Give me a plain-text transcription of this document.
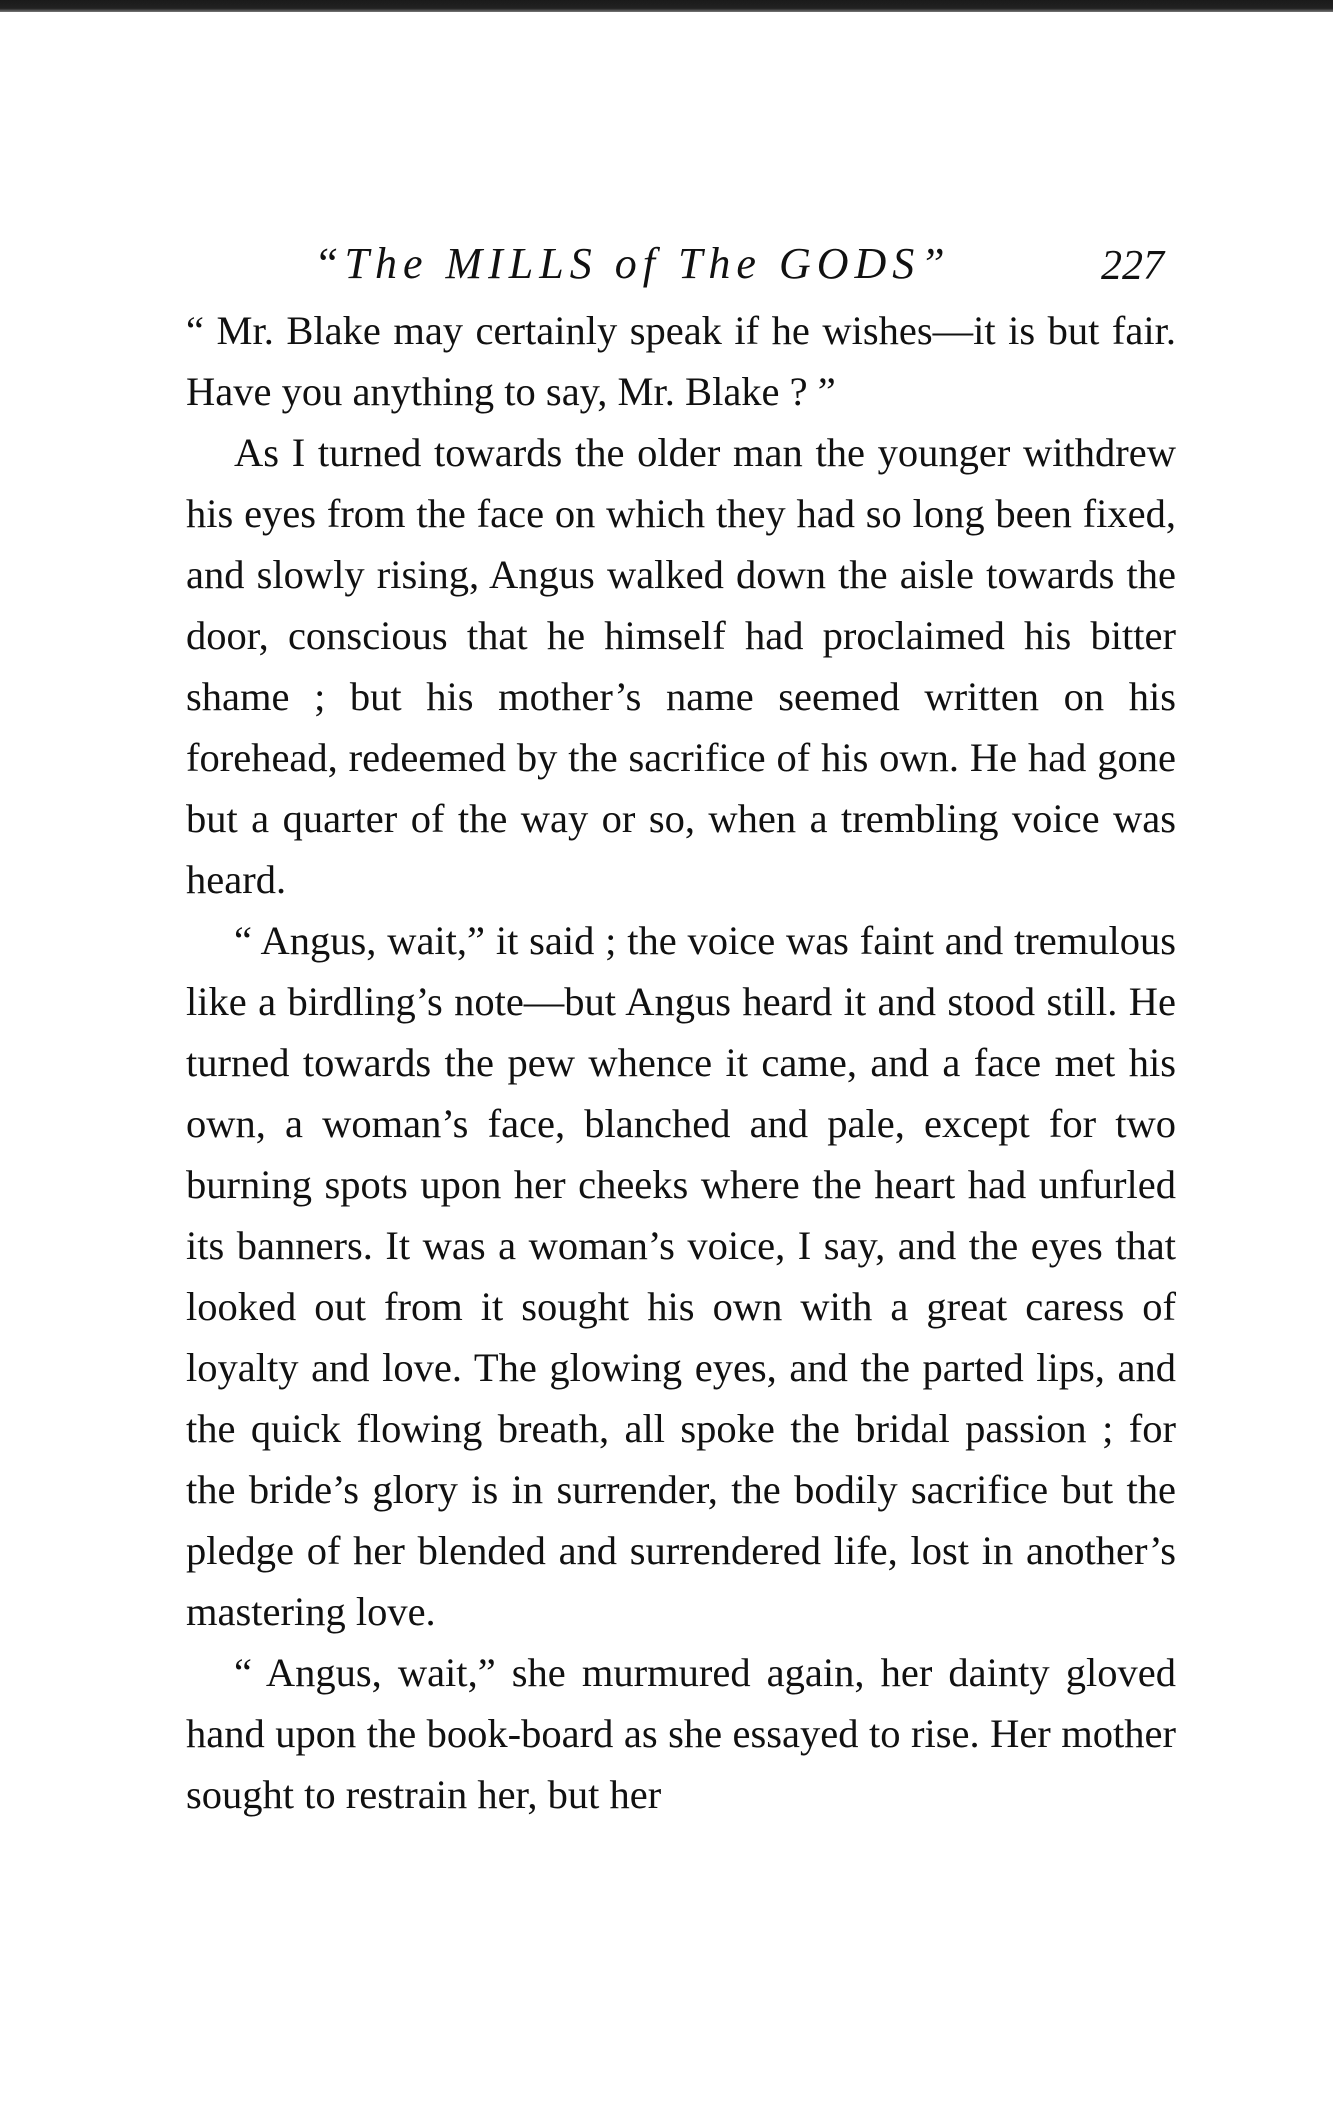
“The MILLS of The GODS”	227

“ Mr. Blake may certainly speak if he wishes—it is but fair. Have you anything to say, Mr. Blake ? ”

As I turned towards the older man the younger withdrew his eyes from the face on which they had so long been fixed, and slowly rising, Angus walked down the aisle towards the door, conscious that he himself had proclaimed his bitter shame ; but his mother’s name seemed written on his forehead, redeemed by the sacrifice of his own. He had gone but a quarter of the way or so, when a trembling voice was heard.

“ Angus, wait,” it said ; the voice was faint and tremulous like a birdling’s note—but Angus heard it and stood still. He turned towards the pew whence it came, and a face met his own, a woman’s face, blanched and pale, except for two burning spots upon her cheeks where the heart had unfurled its banners. It was a woman’s voice, I say, and the eyes that looked out from it sought his own with a great caress of loyalty and love. The glowing eyes, and the parted lips, and the quick flowing breath, all spoke the bridal passion ; for the bride’s glory is in surrender, the bodily sacrifice but the pledge of her blended and surrendered life, lost in another’s mastering love.

“ Angus, wait,” she murmured again, her dainty gloved hand upon the book-board as she essayed to rise. Her mother sought to restrain her, but her
